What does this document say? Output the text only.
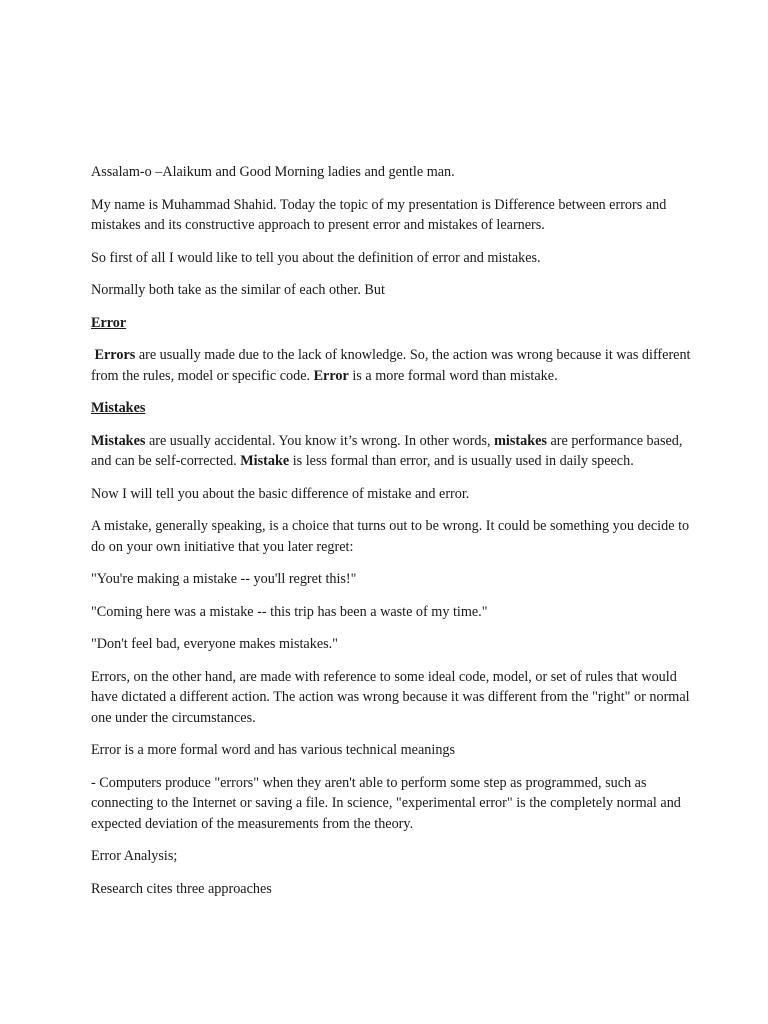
Assalam-o –Alaikum and Good Morning ladies and gentle man.

My name is Muhammad Shahid. Today the topic of my presentation is Difference between errors and mistakes and its constructive approach to present error and mistakes of learners.

So first of all I would like to tell you about the definition of error and mistakes.

Normally both take as the similar of each other. But

Error

Errors are usually made due to the lack of knowledge. So, the action was wrong because it was different from the rules, model or specific code. Error is a more formal word than mistake.

Mistakes

Mistakes are usually accidental. You know it’s wrong. In other words, mistakes are performance based, and can be self-corrected. Mistake is less formal than error, and is usually used in daily speech.

Now I will tell you about the basic difference of mistake and error.

A mistake, generally speaking, is a choice that turns out to be wrong. It could be something you decide to do on your own initiative that you later regret:

"You're making a mistake -- you'll regret this!"

"Coming here was a mistake -- this trip has been a waste of my time."

"Don't feel bad, everyone makes mistakes."

Errors, on the other hand, are made with reference to some ideal code, model, or set of rules that would have dictated a different action. The action was wrong because it was different from the "right" or normal one under the circumstances.

Error is a more formal word and has various technical meanings

- Computers produce "errors" when they aren't able to perform some step as programmed, such as connecting to the Internet or saving a file. In science, "experimental error" is the completely normal and expected deviation of the measurements from the theory.

Error Analysis;

Research cites three approaches
